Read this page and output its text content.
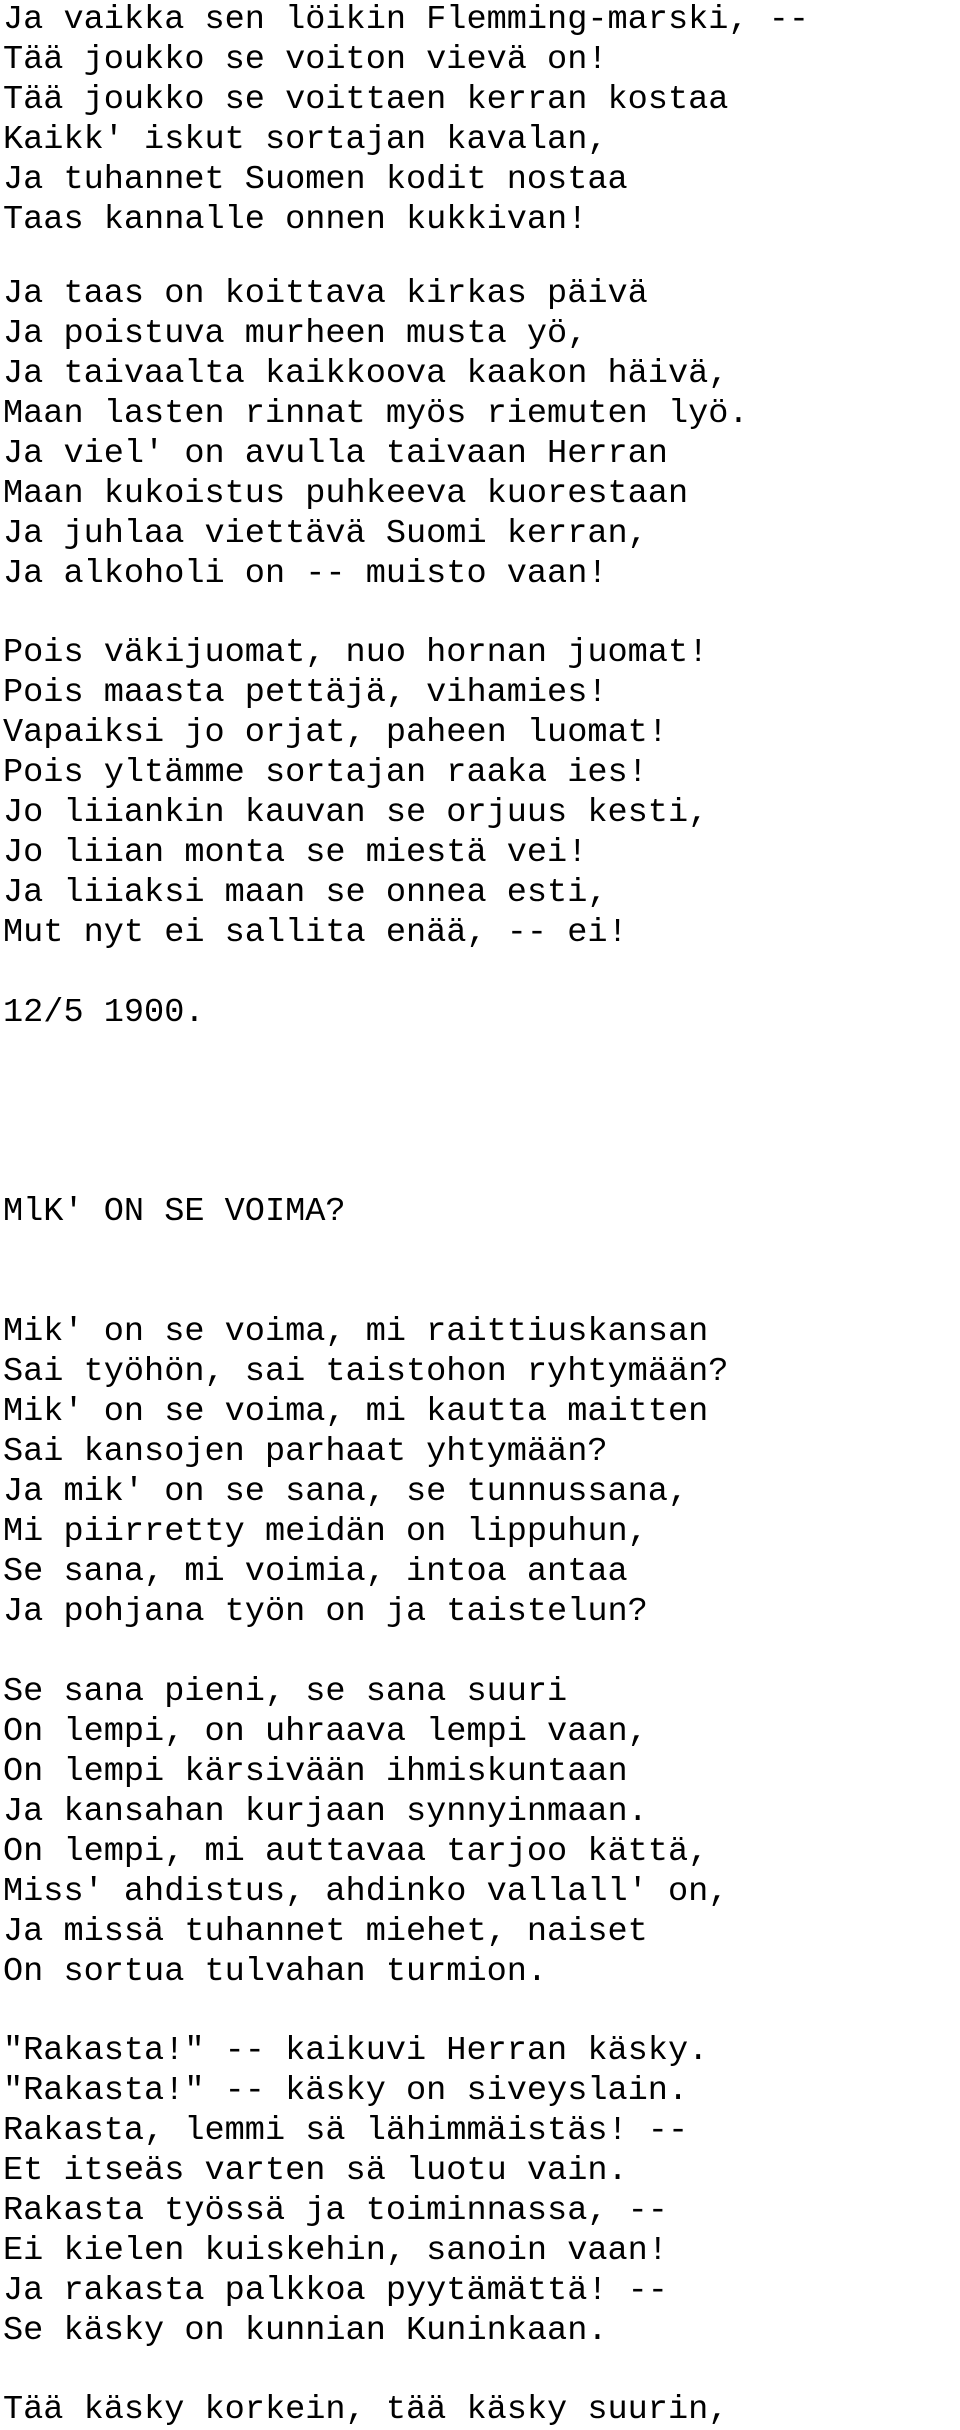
Ja vaikka sen löikin Flemming-marski, --
Tää joukko se voiton vievä on!
Tää joukko se voittaen kerran kostaa
Kaikk' iskut sortajan kavalan,
Ja tuhannet Suomen kodit nostaa
Taas kannalle onnen kukkivan!
Ja taas on koittava kirkas päivä
Ja poistuva murheen musta yö,
Ja taivaalta kaikkoova kaakon häivä,
Maan lasten rinnat myös riemuten lyö.
Ja viel' on avulla taivaan Herran
Maan kukoistus puhkeeva kuorestaan
Ja juhlaa viettävä Suomi kerran,
Ja alkoholi on -- muisto vaan!
Pois väkijuomat, nuo hornan juomat!
Pois maasta pettäjä, vihamies!
Vapaiksi jo orjat, paheen luomat!
Pois yltämme sortajan raaka ies!
Jo liiankin kauvan se orjuus kesti,
Jo liian monta se miestä vei!
Ja liiaksi maan se onnea esti,
Mut nyt ei sallita enää, -- ei!
12/5 1900.
MlK' ON SE VOIMA?
Mik' on se voima, mi raittiuskansan
Sai työhön, sai taistohon ryhtymään?
Mik' on se voima, mi kautta maitten
Sai kansojen parhaat yhtymään?
Ja mik' on se sana, se tunnussana,
Mi piirretty meidän on lippuhun,
Se sana, mi voimia, intoa antaa
Ja pohjana työn on ja taistelun?
Se sana pieni, se sana suuri
On lempi, on uhraava lempi vaan,
On lempi kärsivään ihmiskuntaan
Ja kansahan kurjaan synnyinmaan.
On lempi, mi auttavaa tarjoo kättä,
Miss' ahdistus, ahdinko vallall' on,
Ja missä tuhannet miehet, naiset
On sortua tulvahan turmion.
"Rakasta!" -- kaikuvi Herran käsky.
"Rakasta!" -- käsky on siveyslain.
Rakasta, lemmi sä lähimmäistäs! --
Et itseäs varten sä luotu vain.
Rakasta työssä ja toiminnassa, --
Ei kielen kuiskehin, sanoin vaan!
Ja rakasta palkkoa pyytämättä! --
Se käsky on kunnian Kuninkaan.
Tää käsky korkein, tää käsky suurin,
